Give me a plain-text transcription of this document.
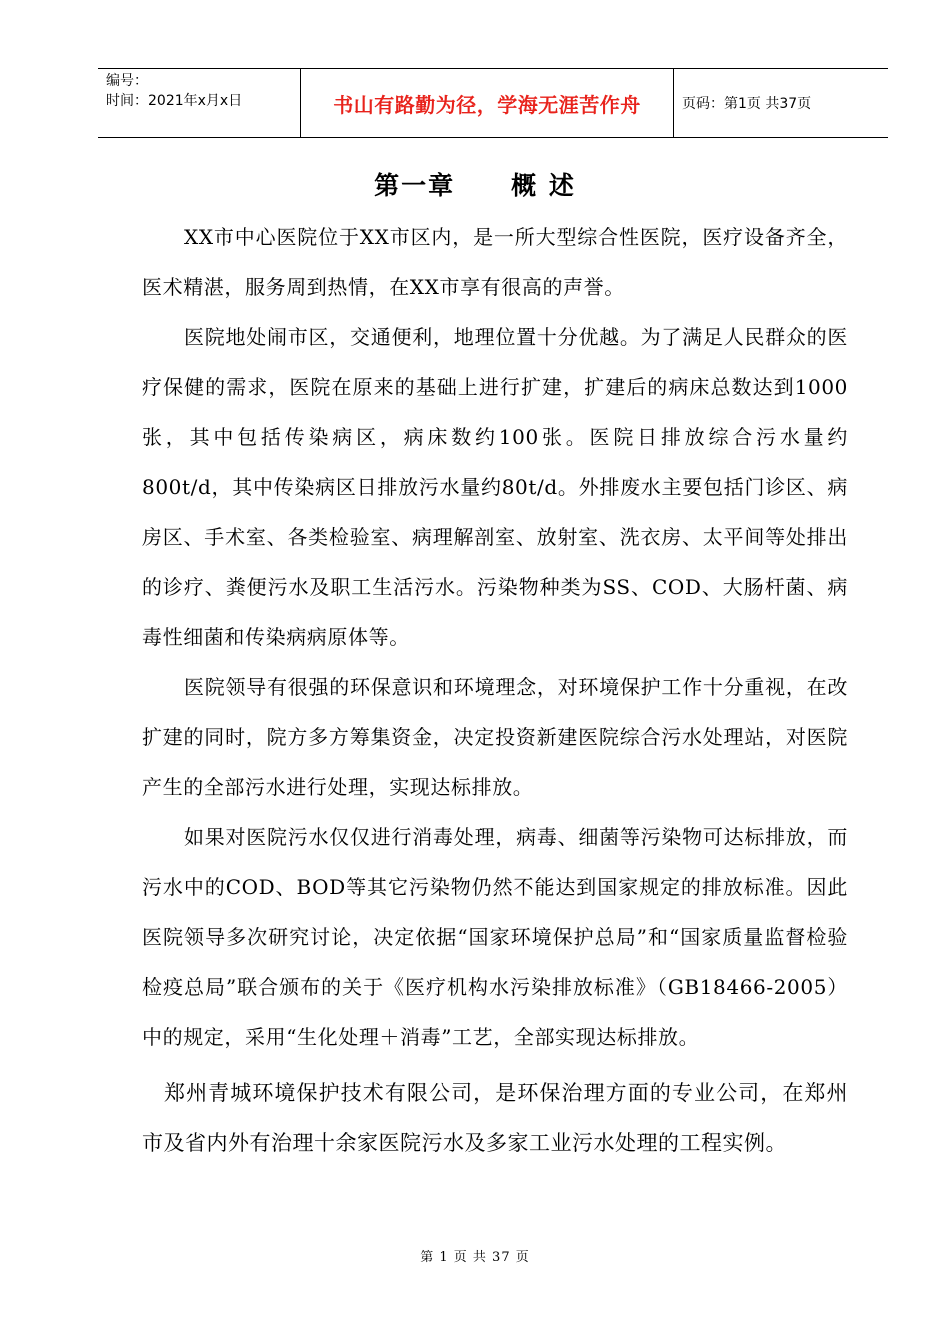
编号：
时间：2021年x月x日	书山有路勤为径，学海无涯苦作舟	页码：第1页 共37页
第一章 概 述

XX市中心医院位于XX市区内，是一所大型综合性医院，医疗设备齐全，医术精湛，服务周到热情，在XX市享有很高的声誉。

医院地处闹市区，交通便利，地理位置十分优越。为了满足人民群众的医疗保健的需求，医院在原来的基础上进行扩建，扩建后的病床总数达到1000张，其中包括传染病区，病床数约100张。医院日排放综合污水量约800t/d，其中传染病区日排放污水量约80t/d。外排废水主要包括门诊区、病房区、手术室、各类检验室、病理解剖室、放射室、洗衣房、太平间等处排出的诊疗、粪便污水及职工生活污水。污染物种类为SS、COD、大肠杆菌、病毒性细菌和传染病病原体等。

医院领导有很强的环保意识和环境理念，对环境保护工作十分重视，在改扩建的同时，院方多方筹集资金，决定投资新建医院综合污水处理站，对医院产生的全部污水进行处理，实现达标排放。

如果对医院污水仅仅进行消毒处理，病毒、细菌等污染物可达标排放，而污水中的COD、BOD等其它污染物仍然不能达到国家规定的排放标准。因此医院领导多次研究讨论，决定依据“国家环境保护总局”和“国家质量监督检验检疫总局”联合颁布的关于《医疗机构水污染排放标准》（GB18466-2005）中的规定，采用“生化处理＋消毒”工艺，全部实现达标排放。

郑州青城环境保护技术有限公司，是环保治理方面的专业公司，在郑州市及省内外有治理十余家医院污水及多家工业污水处理的工程实例。

第 1 页 共 37 页
